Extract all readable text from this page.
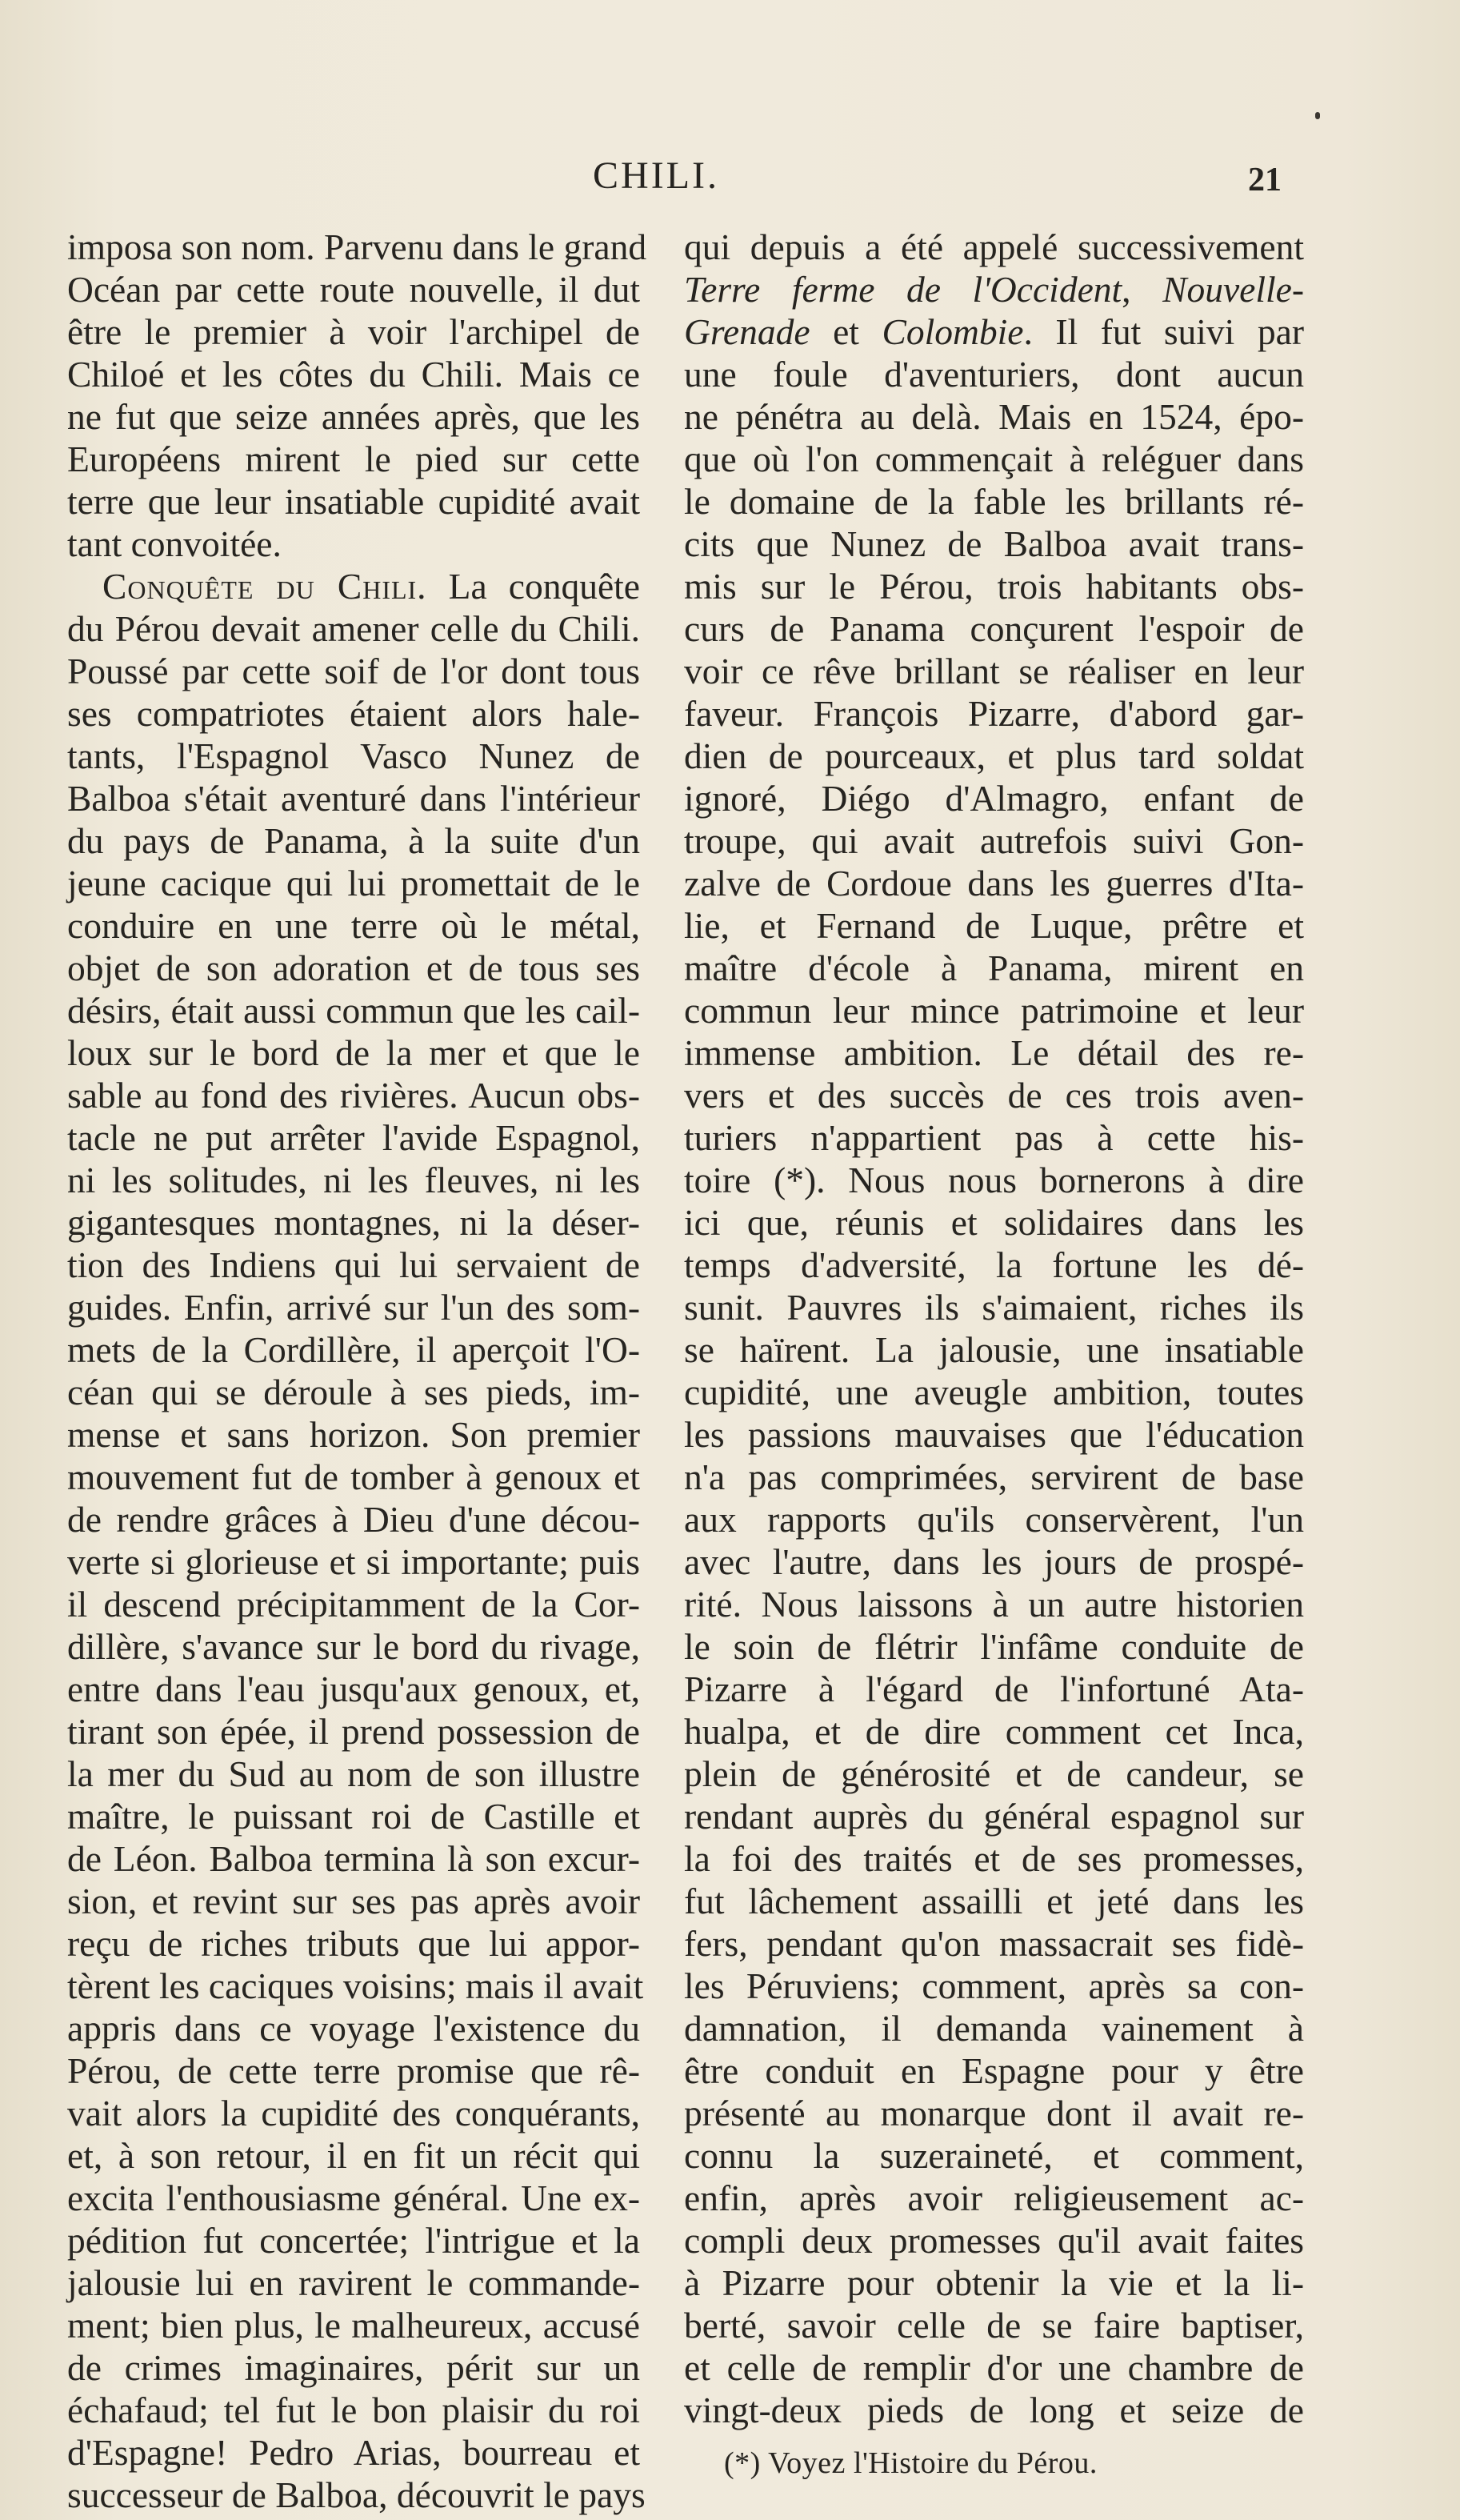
CHILI.	21
imposa son nom. Parvenu dans le grand
Océan par cette route nouvelle, il dut
être le premier à voir l'archipel de
Chiloé et les côtes du Chili. Mais ce
ne fut que seize années après, que les
Européens mirent le pied sur cette
terre que leur insatiable cupidité avait
tant convoitée.
Conquête du Chili. La conquête
du Pérou devait amener celle du Chili.
Poussé par cette soif de l'or dont tous
ses compatriotes étaient alors hale-
tants, l'Espagnol Vasco Nunez de
Balboa s'était aventuré dans l'intérieur
du pays de Panama, à la suite d'un
jeune cacique qui lui promettait de le
conduire en une terre où le métal,
objet de son adoration et de tous ses
désirs, était aussi commun que les cail-
loux sur le bord de la mer et que le
sable au fond des rivières. Aucun obs-
tacle ne put arrêter l'avide Espagnol,
ni les solitudes, ni les fleuves, ni les
gigantesques montagnes, ni la déser-
tion des Indiens qui lui servaient de
guides. Enfin, arrivé sur l'un des som-
mets de la Cordillère, il aperçoit l'O-
céan qui se déroule à ses pieds, im-
mense et sans horizon. Son premier
mouvement fut de tomber à genoux et
de rendre grâces à Dieu d'une décou-
verte si glorieuse et si importante; puis
il descend précipitamment de la Cor-
dillère, s'avance sur le bord du rivage,
entre dans l'eau jusqu'aux genoux, et,
tirant son épée, il prend possession de
la mer du Sud au nom de son illustre
maître, le puissant roi de Castille et
de Léon. Balboa termina là son excur-
sion, et revint sur ses pas après avoir
reçu de riches tributs que lui appor-
tèrent les caciques voisins; mais il avait
appris dans ce voyage l'existence du
Pérou, de cette terre promise que rê-
vait alors la cupidité des conquérants,
et, à son retour, il en fit un récit qui
excita l'enthousiasme général. Une ex-
pédition fut concertée; l'intrigue et la
jalousie lui en ravirent le commande-
ment; bien plus, le malheureux, accusé
de crimes imaginaires, périt sur un
échafaud; tel fut le bon plaisir du roi
d'Espagne! Pedro Arias, bourreau et
successeur de Balboa, découvrit le pays
qui depuis a été appelé successivement
Terre ferme de l'Occident, Nouvelle-
Grenade et Colombie. Il fut suivi par
une foule d'aventuriers, dont aucun
ne pénétra au delà. Mais en 1524, épo-
que où l'on commençait à reléguer dans
le domaine de la fable les brillants ré-
cits que Nunez de Balboa avait trans-
mis sur le Pérou, trois habitants obs-
curs de Panama conçurent l'espoir de
voir ce rêve brillant se réaliser en leur
faveur. François Pizarre, d'abord gar-
dien de pourceaux, et plus tard soldat
ignoré, Diégo d'Almagro, enfant de
troupe, qui avait autrefois suivi Gon-
zalve de Cordoue dans les guerres d'Ita-
lie, et Fernand de Luque, prêtre et
maître d'école à Panama, mirent en
commun leur mince patrimoine et leur
immense ambition. Le détail des re-
vers et des succès de ces trois aven-
turiers n'appartient pas à cette his-
toire (*). Nous nous bornerons à dire
ici que, réunis et solidaires dans les
temps d'adversité, la fortune les dé-
sunit. Pauvres ils s'aimaient, riches ils
se haïrent. La jalousie, une insatiable
cupidité, une aveugle ambition, toutes
les passions mauvaises que l'éducation
n'a pas comprimées, servirent de base
aux rapports qu'ils conservèrent, l'un
avec l'autre, dans les jours de prospé-
rité. Nous laissons à un autre historien
le soin de flétrir l'infâme conduite de
Pizarre à l'égard de l'infortuné Ata-
hualpa, et de dire comment cet Inca,
plein de générosité et de candeur, se
rendant auprès du général espagnol sur
la foi des traités et de ses promesses,
fut lâchement assailli et jeté dans les
fers, pendant qu'on massacrait ses fidè-
les Péruviens; comment, après sa con-
damnation, il demanda vainement à
être conduit en Espagne pour y être
présenté au monarque dont il avait re-
connu la suzeraineté, et comment,
enfin, après avoir religieusement ac-
compli deux promesses qu'il avait faites
à Pizarre pour obtenir la vie et la li-
berté, savoir celle de se faire baptiser,
et celle de remplir d'or une chambre de
vingt-deux pieds de long et seize de
(*) Voyez l'Histoire du Pérou.
